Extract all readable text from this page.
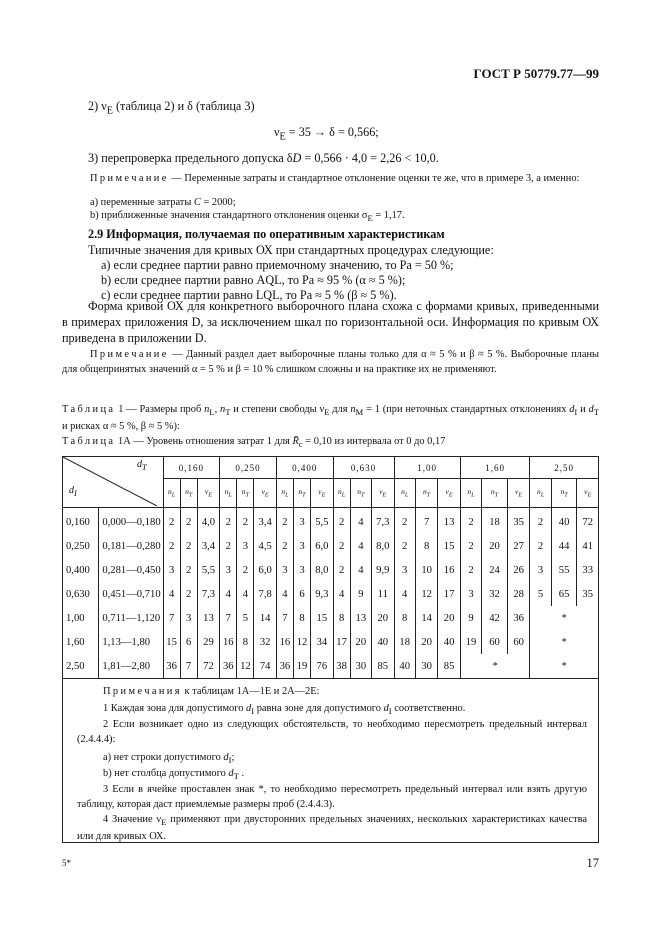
ГОСТ Р 50779.77—99
2) $\nu_E$ (таблица 2) и δ (таблица 3)
$\nu_E = 35 \to \delta = 0,566$;
3) перепроверка предельного допуска δD = 0,566 · 4,0 = 2,26 < 10,0.
Примечание — Переменные затраты и стандартное отклонение оценки те же, что в примере 3, а именно:
a) переменные затраты C = 2000;
b) приближенные значения стандартного отклонения оценки $\sigma_E = 1,17$.
2.9 Информация, получаемая по оперативным характеристикам
Типичные значения для кривых ОХ при стандартных процедурах следующие:
a) если среднее партии равно приемочному значению, то Pa = 50 %;
b) если среднее партии равно AQL, то Pa ≈ 95 % (α ≈ 5 %);
c) если среднее партии равно LQL, то Pa ≈ 5 % (β ≈ 5 %).
Форма кривой ОХ для конкретного выборочного плана схожа с формами кривых, приведенными в примерах приложения D, за исключением шкал по горизонтальной оси. Информация по кривым ОХ приведена в приложении D.
Примечание — Данный раздел дает выборочные планы только для α ≈ 5 % и β ≈ 5 %. Выборочные планы для общепринятых значений α = 5 % и β = 10 % слишком сложны и на практике их не применяют.
Таблица 1 — Размеры проб $n_L$, $n_T$ и степени свободы $\nu_E$ для $n_M = 1$ (при неточных стандартных отклонениях $d_I$ и $d_T$ и рисках α ≈ 5 %, β ≈ 5 %):
Таблица 1А — Уровень отношения затрат 1 для $R̄_c = 0,10$ из интервала от 0 до 0,17
$d_T$
$d_I$		0,160			0,250			0,400			0,630			1,00			1,60			2,50		
		$n_L$	$n_T$	$\nu_E$	$n_L$	$n_T$	$\nu_E$	$n_L$	$n_T$	$\nu_E$	$n_L$	$n_T$	$\nu_E$	$n_L$	$n_T$	$\nu_E$	$n_L$	$n_T$	$\nu_E$	$n_L$	$n_T$	$\nu_E$
0,160	0,000—0,180	2	2	4,0	2	2	3,4	2	3	5,5	2	4	7,3	2	7	13	2	18	35	2	40	72
0,250	0,181—0,280	2	2	3,4	2	3	4,5	2	3	6,0	2	4	8,0	2	8	15	2	20	27	2	44	41
0,400	0,281—0,450	3	2	5,5	3	2	6,0	3	3	8,0	2	4	9,9	3	10	16	2	24	26	3	55	33
0,630	0,451—0,710	4	2	7,3	4	4	7,8	4	6	9,3	4	9	11	4	12	17	3	32	28	5	65	35
1,00	0,711—1,120	7	3	13	7	5	14	7	8	15	8	13	20	8	14	20	9	42	36	*		
1,60	1,13—1,80	15	6	29	16	8	32	16	12	34	17	20	40	18	20	40	19	60	60	*		
2,50	1,81—2,80	36	7	72	36	12	74	36	19	76	38	30	85	40	30	85	*			*		
Примечания к таблицам 1А—1Е и 2А—2Е:
1 Каждая зона для допустимого $d_I$ равна зоне для допустимого $d_I$ соответственно.
2 Если возникает одно из следующих обстоятельств, то необходимо пересмотреть предельный интервал (2.4.4.4):
a) нет строки допустимого $d_I$;
b) нет столбца допустимого $d_T$ .
3 Если в ячейке проставлен знак *, то необходимо пересмотреть предельный интервал или взять другую таблицу, которая даст приемлемые размеры проб (2.4.4.3).
4 Значение $\nu_E$ применяют при двусторонних предельных значениях, нескольких характеристиках качества или для кривых ОХ.
5*	17
